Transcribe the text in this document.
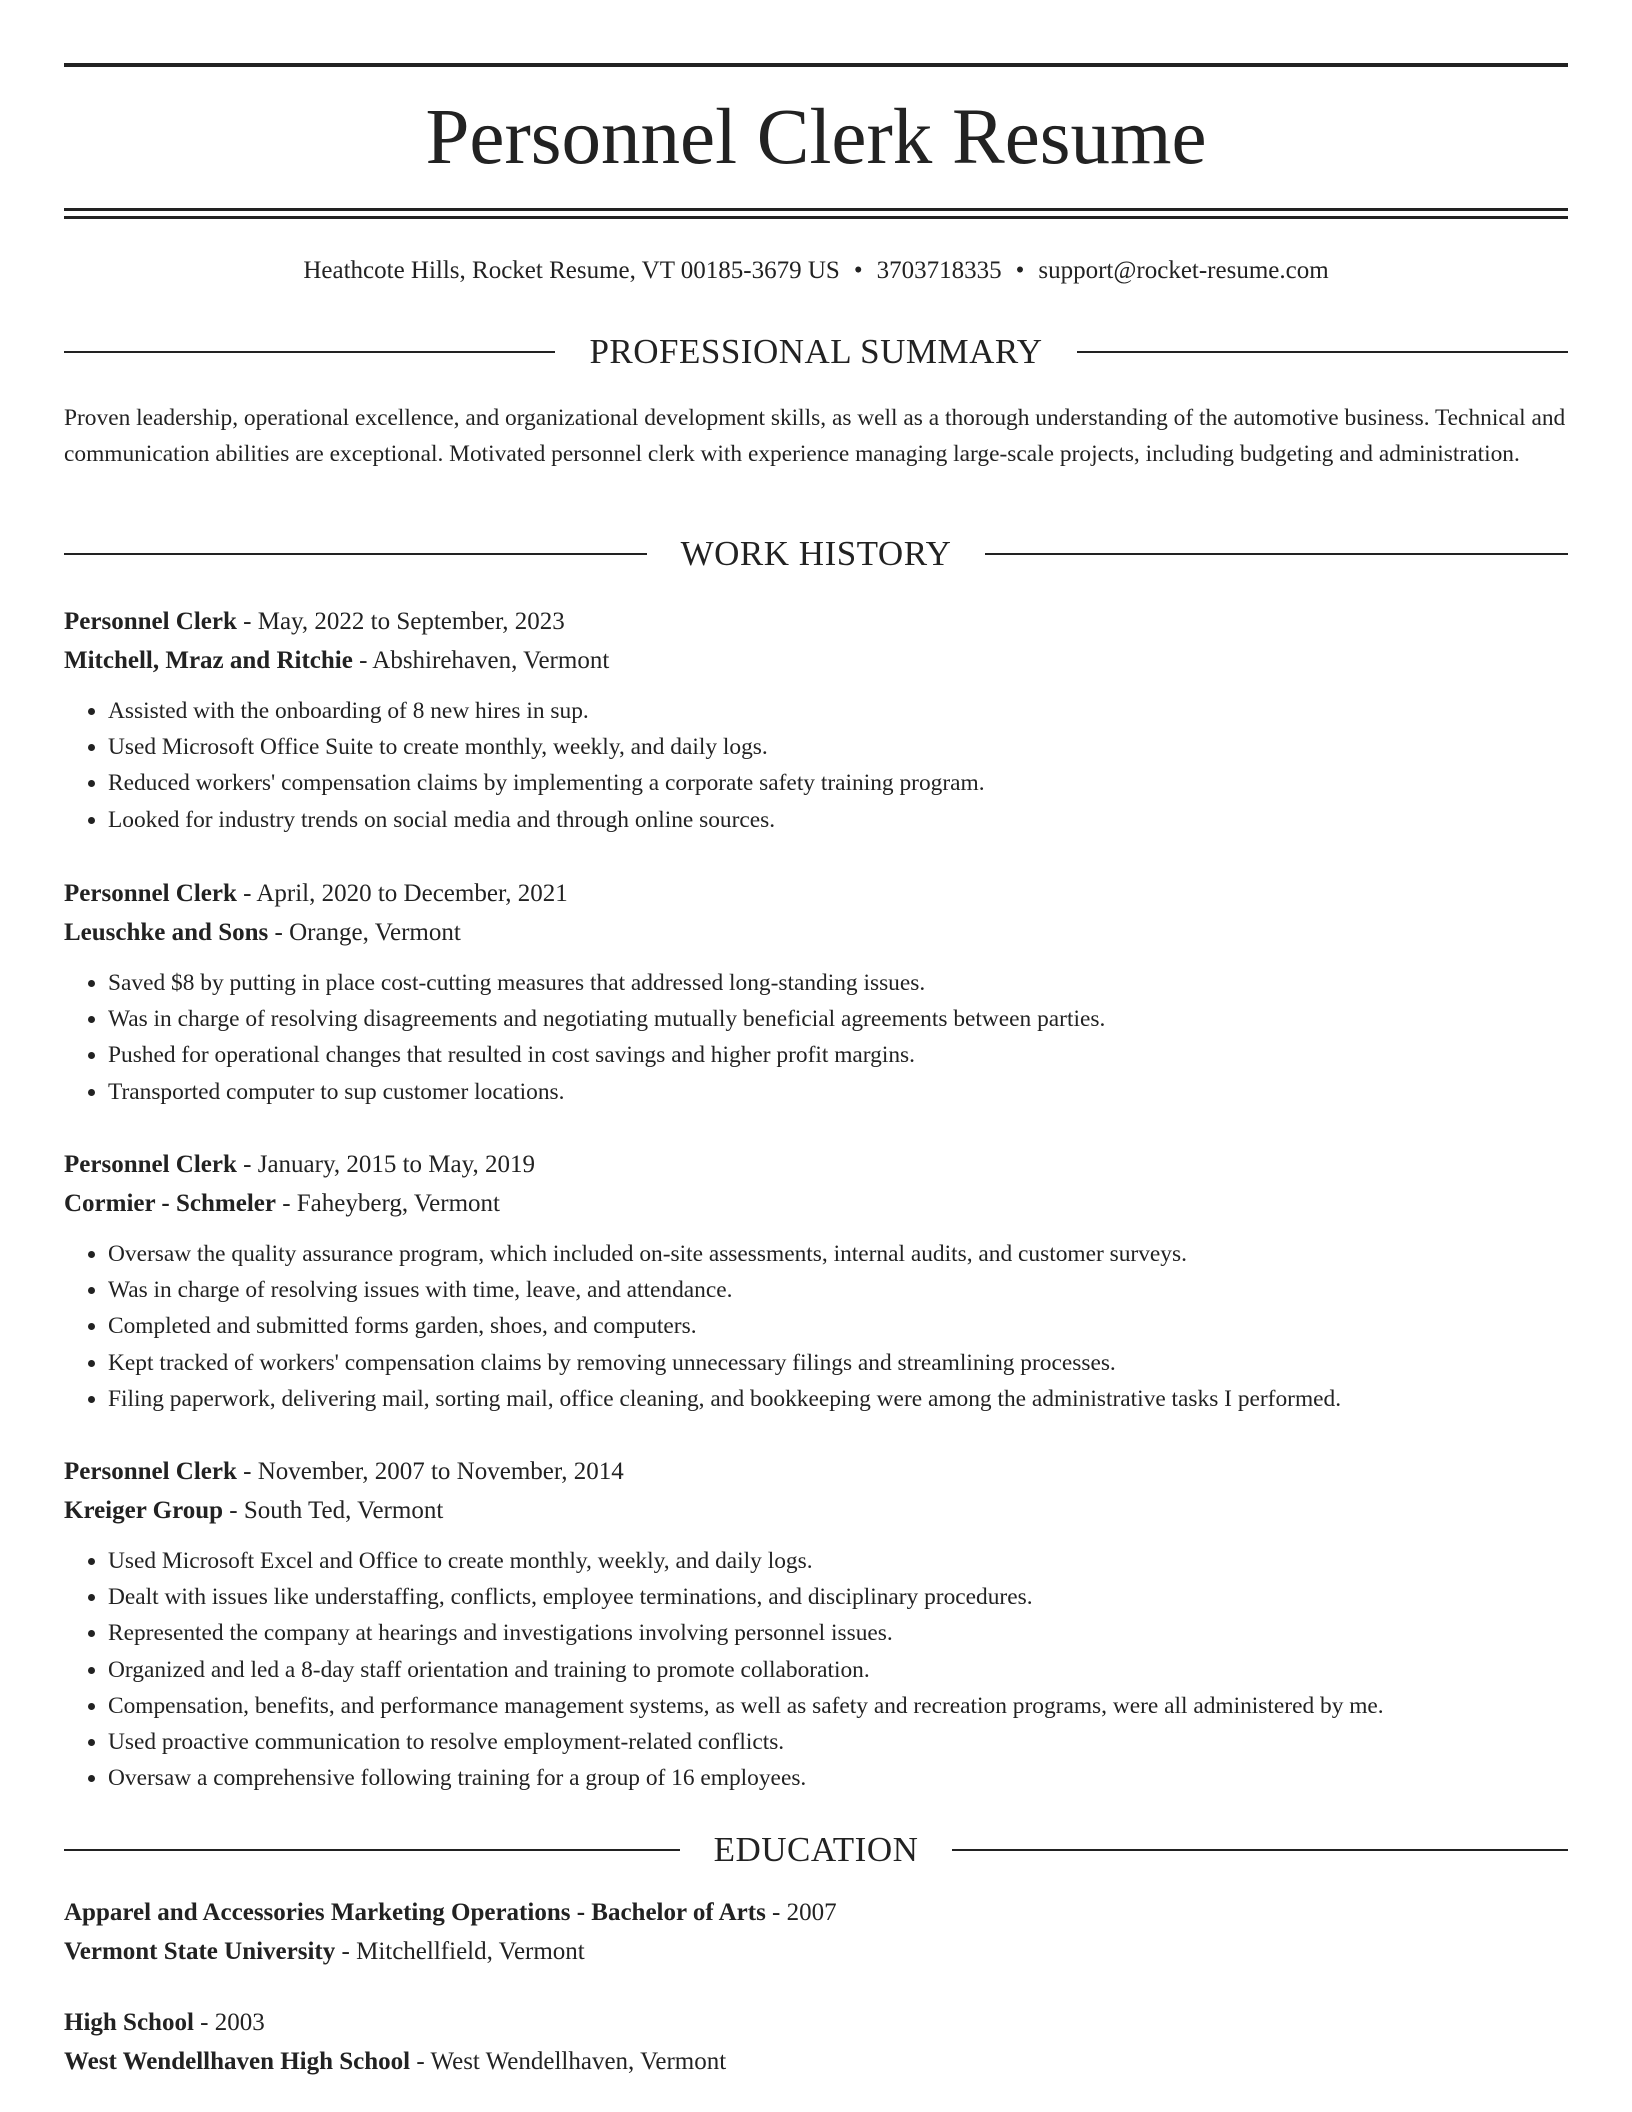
Personnel Clerk Resume
Heathcote Hills, Rocket Resume, VT 00185-3679 US • 3703718335 • support@rocket-resume.com
PROFESSIONAL SUMMARY

Proven leadership, operational excellence, and organizational development skills, as well as a thorough understanding of the automotive business. Technical and communication abilities are exceptional. Motivated personnel clerk with experience managing large-scale projects, including budgeting and administration.

WORK HISTORY
Personnel Clerk - May, 2022 to September, 2023
Mitchell, Mraz and Ritchie - Abshirehaven, Vermont
• Assisted with the onboarding of 8 new hires in sup.
• Used Microsoft Office Suite to create monthly, weekly, and daily logs.
• Reduced workers' compensation claims by implementing a corporate safety training program.
• Looked for industry trends on social media and through online sources.
Personnel Clerk - April, 2020 to December, 2021
Leuschke and Sons - Orange, Vermont
• Saved $8 by putting in place cost-cutting measures that addressed long-standing issues.
• Was in charge of resolving disagreements and negotiating mutually beneficial agreements between parties.
• Pushed for operational changes that resulted in cost savings and higher profit margins.
• Transported computer to sup customer locations.
Personnel Clerk - January, 2015 to May, 2019
Cormier - Schmeler - Faheyberg, Vermont
• Oversaw the quality assurance program, which included on-site assessments, internal audits, and customer surveys.
• Was in charge of resolving issues with time, leave, and attendance.
• Completed and submitted forms garden, shoes, and computers.
• Kept tracked of workers' compensation claims by removing unnecessary filings and streamlining processes.
• Filing paperwork, delivering mail, sorting mail, office cleaning, and bookkeeping were among the administrative tasks I performed.
Personnel Clerk - November, 2007 to November, 2014
Kreiger Group - South Ted, Vermont
• Used Microsoft Excel and Office to create monthly, weekly, and daily logs.
• Dealt with issues like understaffing, conflicts, employee terminations, and disciplinary procedures.
• Represented the company at hearings and investigations involving personnel issues.
• Organized and led a 8-day staff orientation and training to promote collaboration.
• Compensation, benefits, and performance management systems, as well as safety and recreation programs, were all administered by me.
• Used proactive communication to resolve employment-related conflicts.
• Oversaw a comprehensive following training for a group of 16 employees.
EDUCATION
Apparel and Accessories Marketing Operations - Bachelor of Arts - 2007
Vermont State University - Mitchellfield, Vermont
High School - 2003
West Wendellhaven High School - West Wendellhaven, Vermont
